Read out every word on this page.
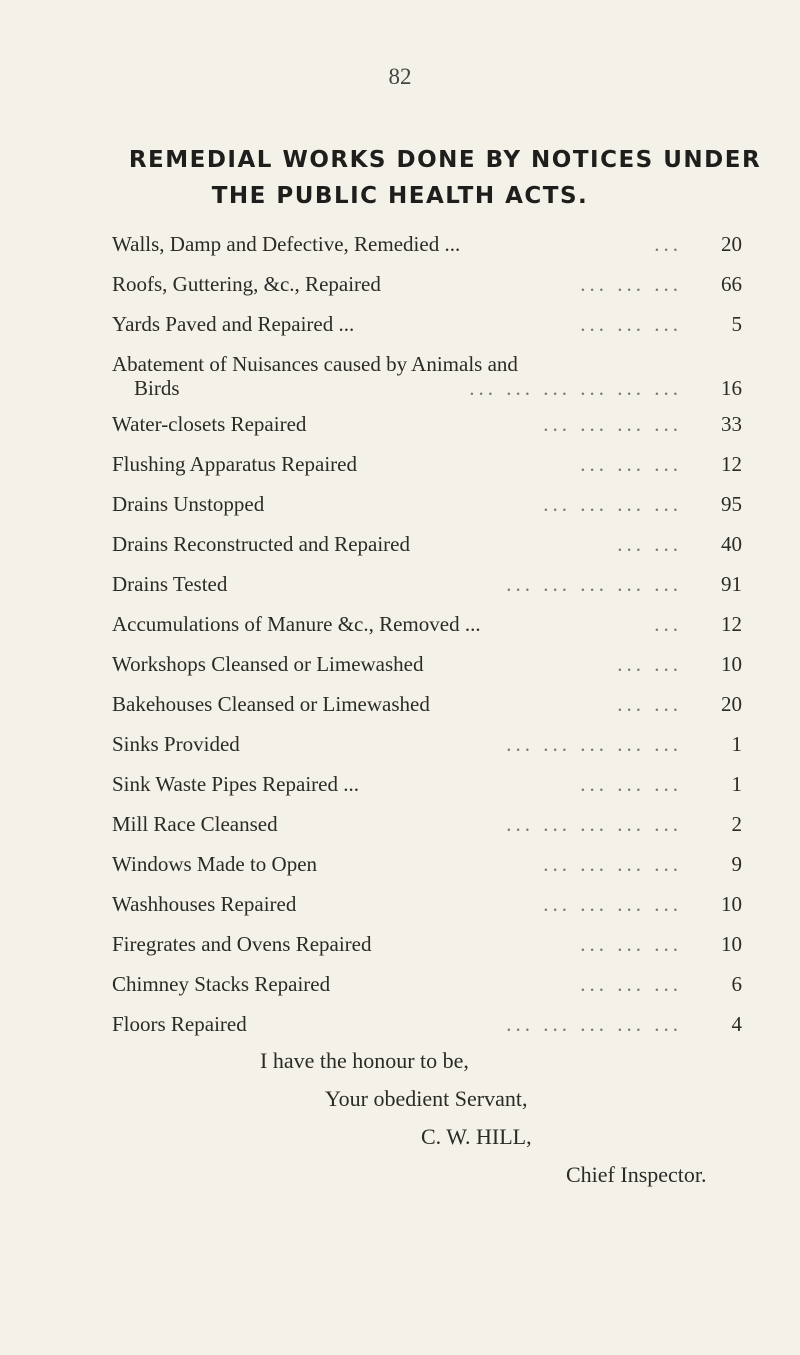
82
REMEDIAL WORKS DONE BY NOTICES UNDER
THE PUBLIC HEALTH ACTS.
Walls, Damp and Defective, Remedied ...	...	20
Roofs, Guttering, &c., Repaired	... ... ...	66
Yards Paved and Repaired ...	... ... ...	5
Abatement of Nuisances caused by Animals and
Birds	... ... ... ... ... ...	16
Water-closets Repaired	... ... ... ...	33
Flushing Apparatus Repaired	... ... ...	12
Drains Unstopped	... ... ... ...	95
Drains Reconstructed and Repaired	... ...	40
Drains Tested	... ... ... ... ...	91
Accumulations of Manure &c., Removed ...	...	12
Workshops Cleansed or Limewashed	... ...	10
Bakehouses Cleansed or Limewashed	... ...	20
Sinks Provided	... ... ... ... ...	1
Sink Waste Pipes Repaired ...	... ... ...	1
Mill Race Cleansed	... ... ... ... ...	2
Windows Made to Open	... ... ... ...	9
Washhouses Repaired	... ... ... ...	10
Firegrates and Ovens Repaired	... ... ...	10
Chimney Stacks Repaired	... ... ...	6
Floors Repaired	... ... ... ... ...	4
I have the honour to be,
Your obedient Servant,
C. W. HILL,
Chief Inspector.
